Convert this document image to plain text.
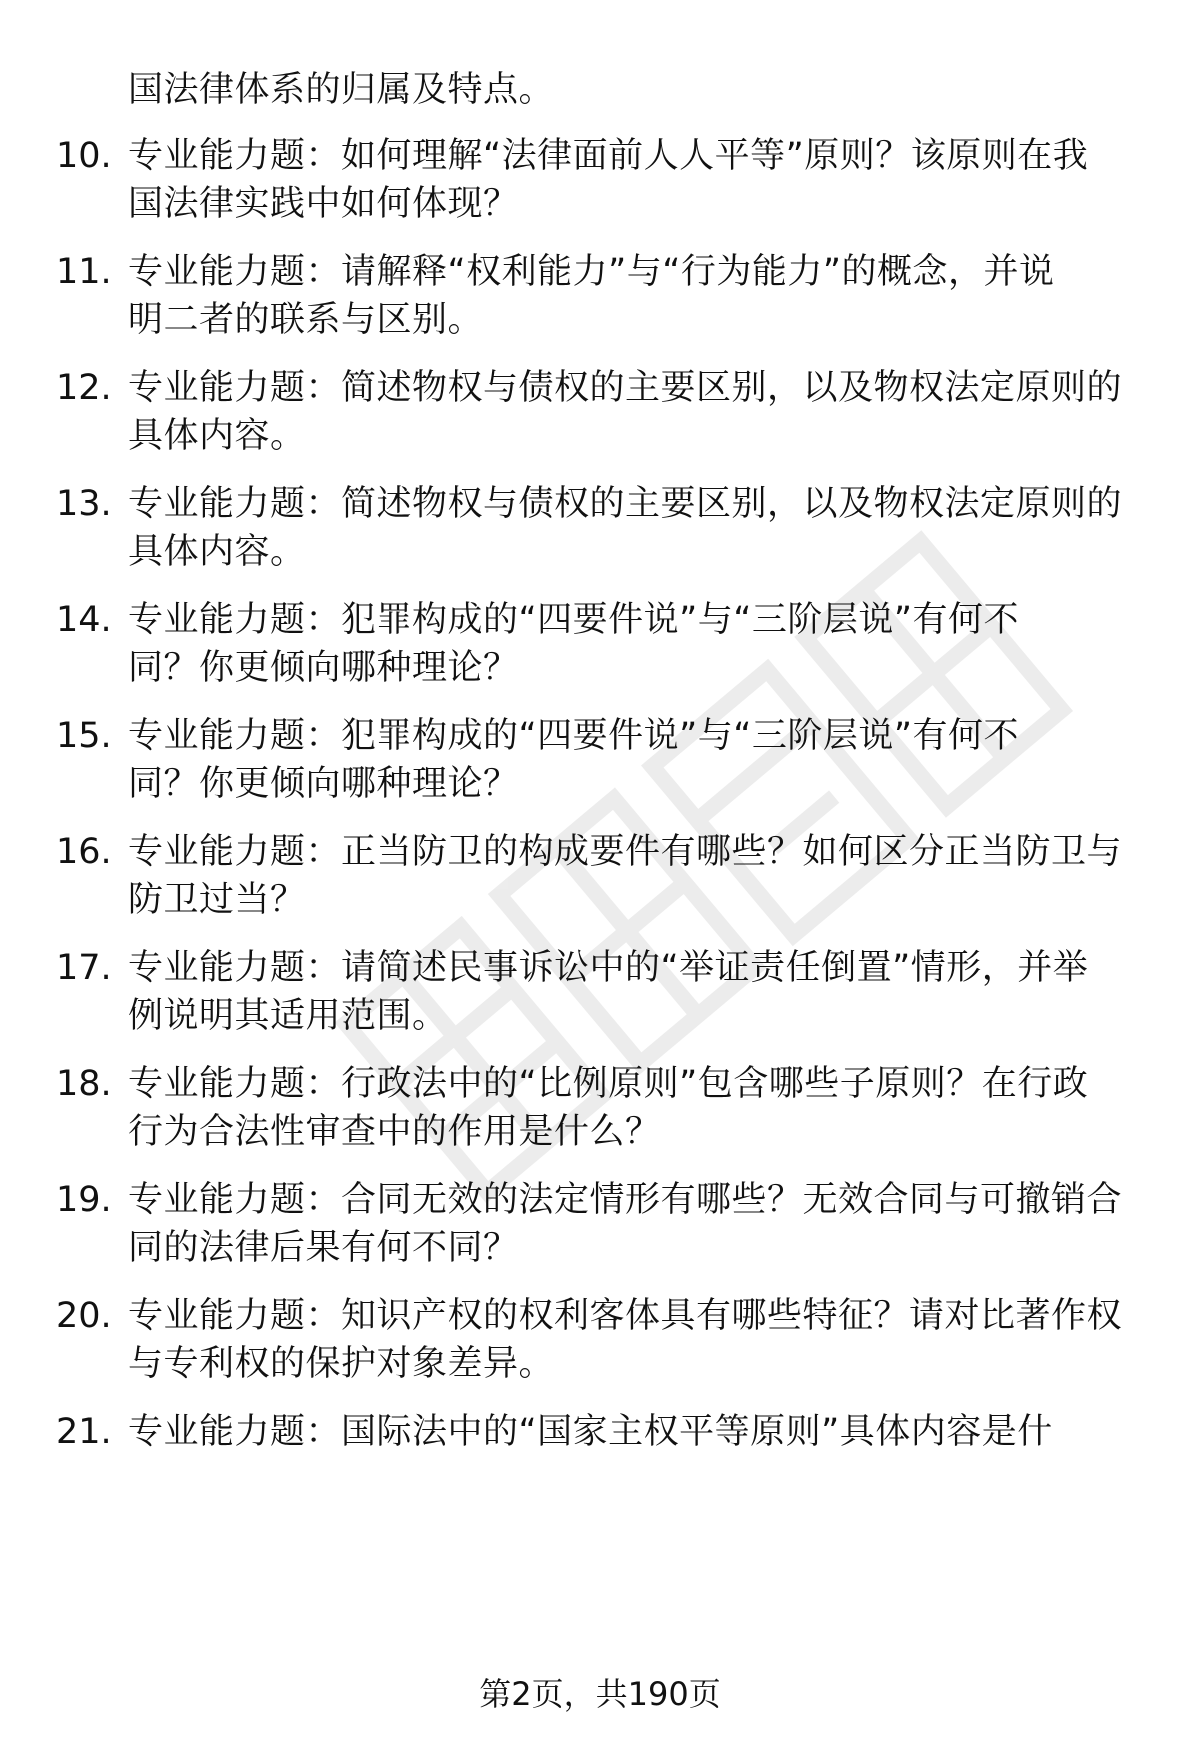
国法律体系的归属及特点。
10. 专业能力题：如何理解“法律面前人人平等”原则？该原则在我
国法律实践中如何体现？
11. 专业能力题：请解释“权利能力”与“行为能力”的概念，并说
明二者的联系与区别。
12. 专业能力题：简述物权与债权的主要区别，以及物权法定原则的
具体内容。
13. 专业能力题：简述物权与债权的主要区别，以及物权法定原则的
具体内容。
14. 专业能力题：犯罪构成的“四要件说”与“三阶层说”有何不
同？你更倾向哪种理论？
15. 专业能力题：犯罪构成的“四要件说”与“三阶层说”有何不
同？你更倾向哪种理论？
16. 专业能力题：正当防卫的构成要件有哪些？如何区分正当防卫与
防卫过当？
17. 专业能力题：请简述民事诉讼中的“举证责任倒置”情形，并举
例说明其适用范围。
18. 专业能力题：行政法中的“比例原则”包含哪些子原则？在行政
行为合法性审查中的作用是什么？
19. 专业能力题：合同无效的法定情形有哪些？无效合同与可撤销合
同的法律后果有何不同？
20. 专业能力题：知识产权的权利客体具有哪些特征？请对比著作权
与专利权的保护对象差异。
21. 专业能力题：国际法中的“国家主权平等原则”具体内容是什
第2页，共190页
